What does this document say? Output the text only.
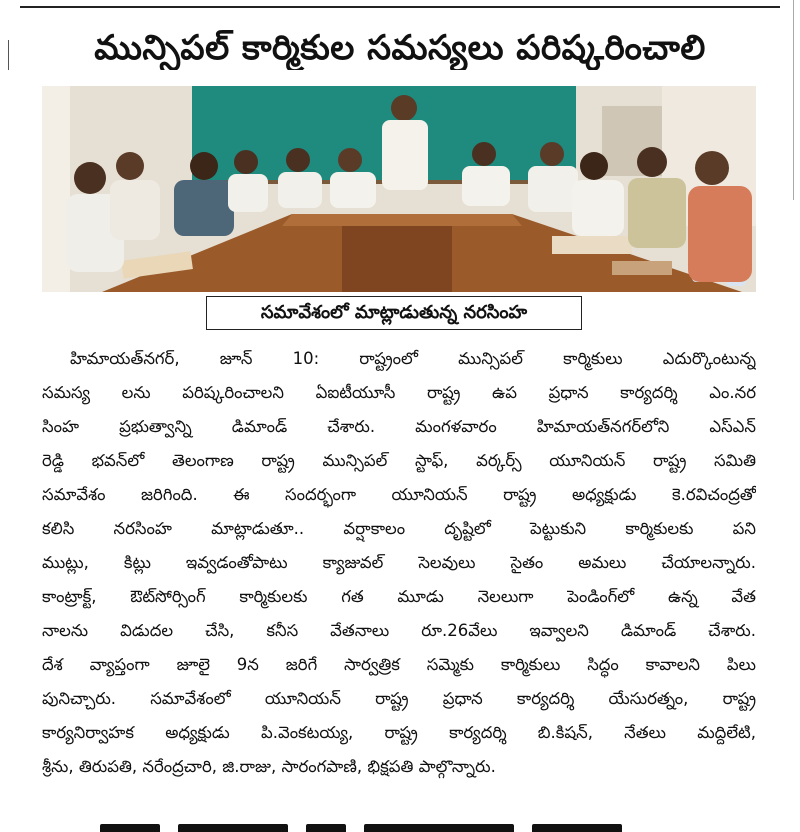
మున్సిపల్ కార్మికుల సమస్యలు పరిష్కరించాలి
సమావేశంలో మాట్లాడుతున్న నరసింహ
హిమాయత్‌నగర్, జూన్ 10: రాష్ట్రంలో మున్సిపల్ కార్మికులు ఎదుర్కొంటున్న
సమస్య లను పరిష్కరించాలని ఏఐటీయూసీ రాష్ట్ర ఉప ప్రధాన కార్యదర్శి ఎం.నర
సింహ ప్రభుత్వాన్ని డిమాండ్ చేశారు. మంగళవారం హిమాయత్‌నగర్‌లోని ఎస్ఎన్
రెడ్డి భవన్‌లో తెలంగాణ రాష్ట్ర మున్సిపల్ స్టాఫ్, వర్కర్స్ యూనియన్ రాష్ట్ర సమితి
సమావేశం జరిగింది. ఈ సందర్భంగా యూనియన్ రాష్ట్ర అధ్యక్షుడు కె.రవిచంద్రతో
కలిసి నరసింహ మాట్లాడుతూ.. వర్షాకాలం దృష్టిలో పెట్టుకుని కార్మికులకు పని
ముట్లు, కిట్లు ఇవ్వడంతోపాటు క్యాజువల్ సెలవులు సైతం అమలు చేయాలన్నారు.
కాంట్రాక్ట్, ఔట్‌సోర్సింగ్ కార్మికులకు గత మూడు నెలలుగా పెండింగ్‌లో ఉన్న వేత
నాలను విడుదల చేసి, కనీస వేతనాలు రూ.26వేలు ఇవ్వాలని డిమాండ్ చేశారు.
దేశ వ్యాప్తంగా జూలై 9న జరిగే సార్వత్రిక సమ్మెకు కార్మికులు సిద్ధం కావాలని పిలు
పునిచ్చారు. సమావేశంలో యూనియన్ రాష్ట్ర ప్రధాన కార్యదర్శి యేసురత్నం, రాష్ట్ర
కార్యనిర్వాహక అధ్యక్షుడు పి.వెంకటయ్య, రాష్ట్ర కార్యదర్శి బి.కిషన్, నేతలు మద్దిలేటి,
శ్రీను, తిరుపతి, నరేంద్రచారి, జి.రాజు, సారంగపాణి, భిక్షపతి పాల్గొన్నారు.
